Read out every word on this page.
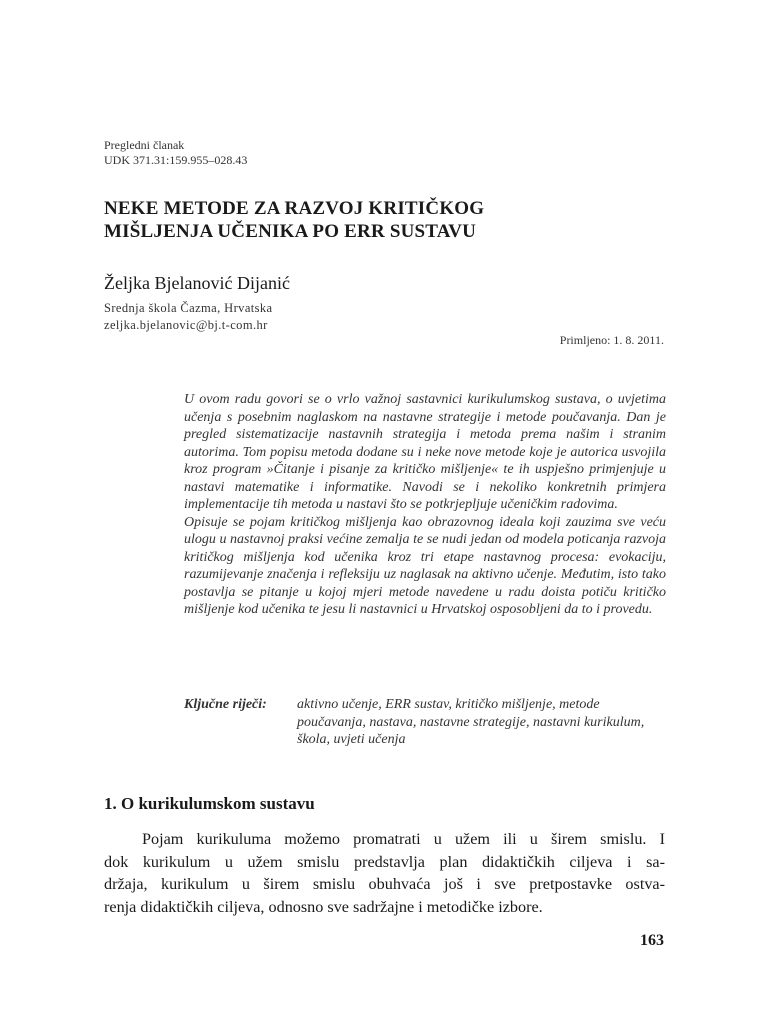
Pregledni članak
UDK 371.31:159.955–028.43
NEKE METODE ZA RAZVOJ KRITIČKOG
MIŠLJENJA UČENIKA PO ERR SUSTAVU
Željka Bjelanović Dijanić
Srednja škola Čazma, Hrvatska
zeljka.bjelanovic@bj.t-com.hr
Primljeno: 1. 8. 2011.

U ovom radu govori se o vrlo važnoj sastavnici kurikulumskog sustava, o uvjetima učenja s posebnim naglaskom na nastavne strategije i metode poučavanja. Dan je pregled sistematizacije nastavnih strategija i metoda prema našim i stranim autorima. Tom popisu metoda dodane su i neke nove metode koje je autorica usvojila kroz program »Čitanje i pisanje za kritičko mišljenje« te ih uspješno primjenjuje u nastavi matematike i informatike. Navodi se i nekoliko konkretnih primjera implementacije tih metoda u nastavi što se potkrjepljuje učeničkim radovima.

Opisuje se pojam kritičkog mišljenja kao obrazovnog ideala koji zauzima sve veću ulogu u nastavnoj praksi većine zemalja te se nudi jedan od modela poticanja razvoja kritičkog mišljenja kod učenika kroz tri etape nastavnog procesa: evokaciju, razumijevanje značenja i refleksiju uz naglasak na aktivno učenje. Međutim, isto tako postavlja se pitanje u kojoj mjeri metode navedene u radu doista potiču kritičko mišljenje kod učenika te jesu li nastavnici u Hrvatskoj osposobljeni da to i provedu.

Ključne riječi: aktivno učenje, ERR sustav, kritičko mišljenje, metode poučavanja, nastava, nastavne strategije, nastavni kurikulum, škola, uvjeti učenja
1. O kurikulumskom sustavu
Pojam kurikuluma možemo promatrati u užem ili u širem smislu. I
dok kurikulum u užem smislu predstavlja plan didaktičkih ciljeva i sa-
držaja, kurikulum u širem smislu obuhvaća još i sve pretpostavke ostva-
renja didaktičkih ciljeva, odnosno sve sadržajne i metodičke izbore.
163
